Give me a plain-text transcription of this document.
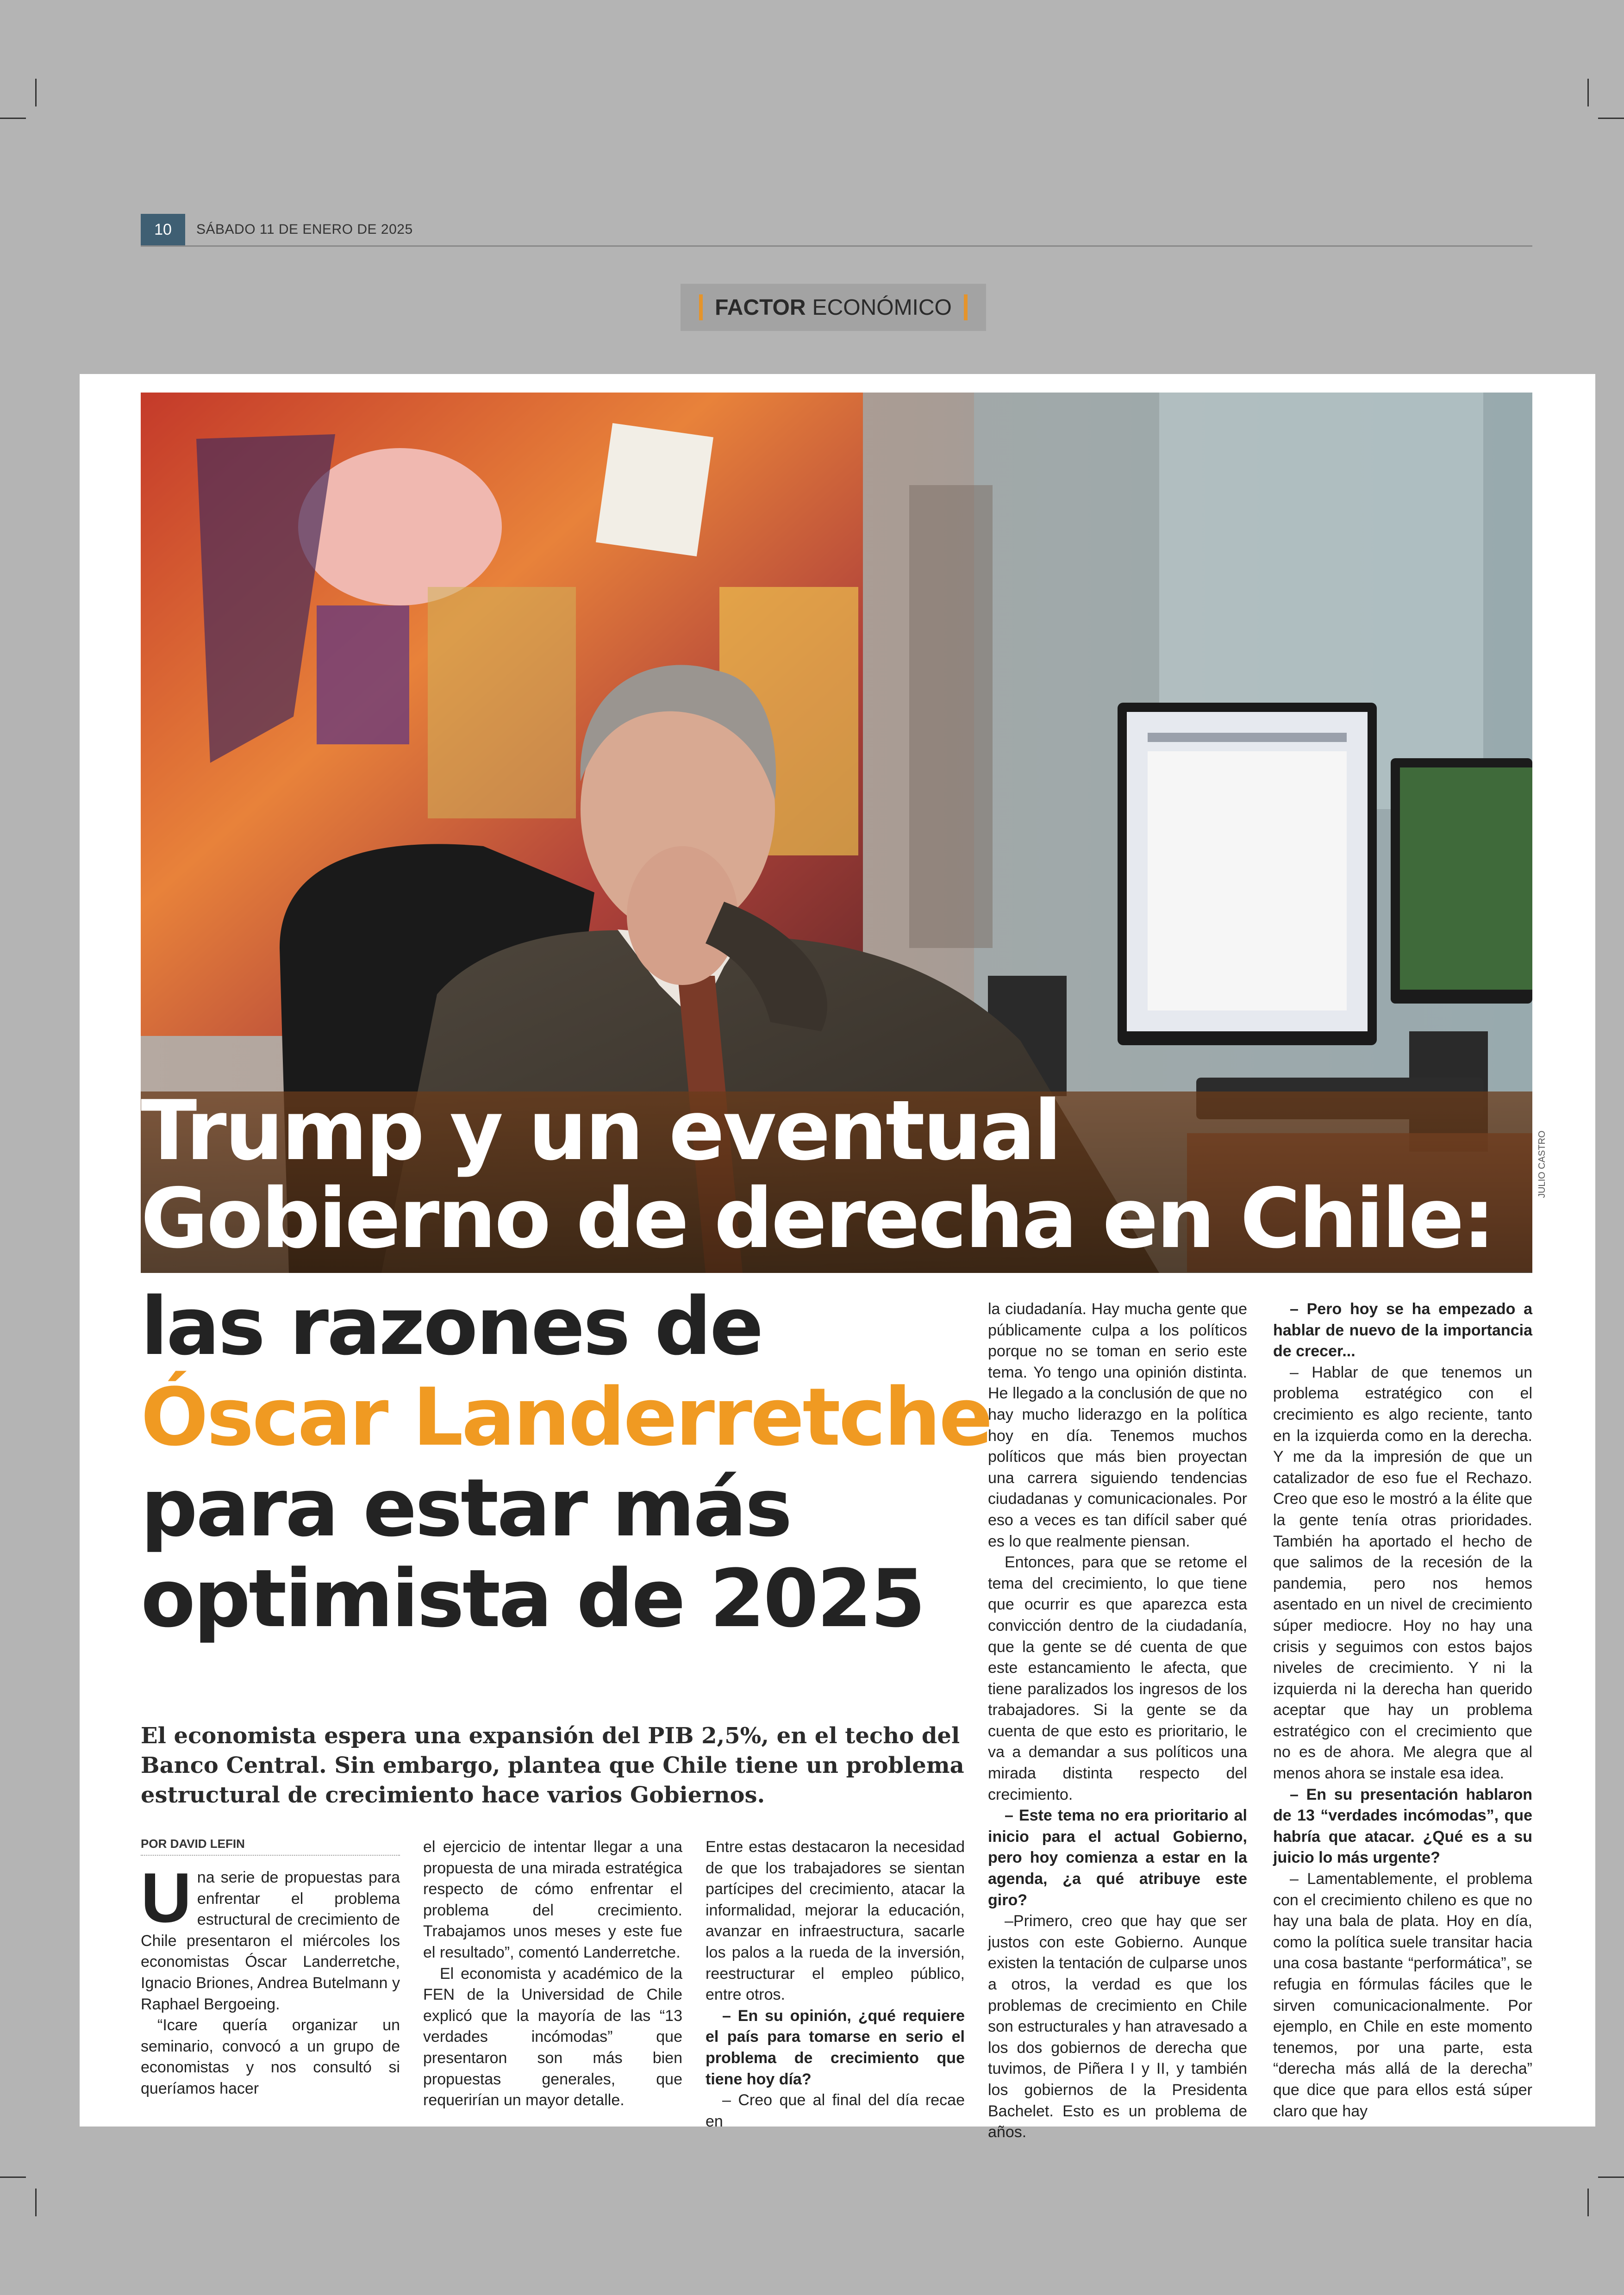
10	SÁBADO 11 DE ENERO DE 2025
FACTOR ECONÓMICO
Trump y un eventual
Gobierno de derecha en Chile:
JULIO CASTRO
las razones de
Óscar Landerretche
para estar más
optimista de 2025
El economista espera una expansión del PIB 2,5%, en el techo del Banco Central. Sin embargo, plantea que Chile tiene un problema estructural de crecimiento hace varios Gobiernos.
POR DAVID LEFIN

Una serie de propuestas para enfrentar el problema estructural de crecimiento de Chile presentaron el miércoles los economistas Óscar Landerretche, Ignacio Briones, Andrea Butelmann y Raphael Bergoeing.

“Icare quería organizar un seminario, convocó a un grupo de economistas y nos consultó si queríamos hacer

el ejercicio de intentar llegar a una propuesta de una mirada estratégica respecto de cómo enfrentar el problema del crecimiento. Trabajamos unos meses y este fue el resultado”, comentó Landerretche.

El economista y académico de la FEN de la Universidad de Chile explicó que la mayoría de las “13 verdades incómodas” que presentaron son más bien propuestas generales, que requerirían un mayor detalle.

Entre estas destacaron la necesidad de que los trabajadores se sientan partícipes del crecimiento, atacar la informalidad, mejorar la educación, avanzar en infraestructura, sacarle los palos a la rueda de la inversión, reestructurar el empleo público, entre otros.

– En su opinión, ¿qué requiere el país para tomarse en serio el problema de crecimiento que tiene hoy día?

– Creo que al final del día recae en

la ciudadanía. Hay mucha gente que públicamente culpa a los políticos porque no se toman en serio este tema. Yo tengo una opinión distinta. He llegado a la conclusión de que no hay mucho liderazgo en la política hoy en día. Tenemos muchos políticos que más bien proyectan una carrera siguiendo tendencias ciudadanas y comunicacionales. Por eso a veces es tan difícil saber qué es lo que realmente piensan.

Entonces, para que se retome el tema del crecimiento, lo que tiene que ocurrir es que aparezca esta convicción dentro de la ciudadanía, que la gente se dé cuenta de que este estancamiento le afecta, que tiene paralizados los ingresos de los trabajadores. Si la gente se da cuenta de que esto es prioritario, le va a demandar a sus políticos una mirada distinta respecto del crecimiento.

– Este tema no era prioritario al inicio para el actual Gobierno, pero hoy comienza a estar en la agenda, ¿a qué atribuye este giro?

–Primero, creo que hay que ser justos con este Gobierno. Aunque existen la tentación de culparse unos a otros, la verdad es que los problemas de crecimiento en Chile son estructurales y han atravesado a los dos gobiernos de derecha que tuvimos, de Piñera I y II, y también los gobiernos de la Presidenta Bachelet. Esto es un problema de años.

– Pero hoy se ha empezado a hablar de nuevo de la importancia de crecer...

– Hablar de que tenemos un problema estratégico con el crecimiento es algo reciente, tanto en la izquierda como en la derecha. Y me da la impresión de que un catalizador de eso fue el Rechazo. Creo que eso le mostró a la élite que la gente tenía otras prioridades. También ha aportado el hecho de que salimos de la recesión de la pandemia, pero nos hemos asentado en un nivel de crecimiento súper mediocre. Hoy no hay una crisis y seguimos con estos bajos niveles de crecimiento. Y ni la izquierda ni la derecha han querido aceptar que hay un problema estratégico con el crecimiento que no es de ahora. Me alegra que al menos ahora se instale esa idea.

– En su presentación hablaron de 13 “verdades incómodas”, que habría que atacar. ¿Qué es a su juicio lo más urgente?

– Lamentablemente, el problema con el crecimiento chileno es que no hay una bala de plata. Hoy en día, como la política suele transitar hacia una cosa bastante “performática”, se refugia en fórmulas fáciles que le sirven comunicacionalmente. Por ejemplo, en Chile en este momento tenemos, por una parte, esta “derecha más allá de la derecha” que dice que para ellos está súper claro que hay
